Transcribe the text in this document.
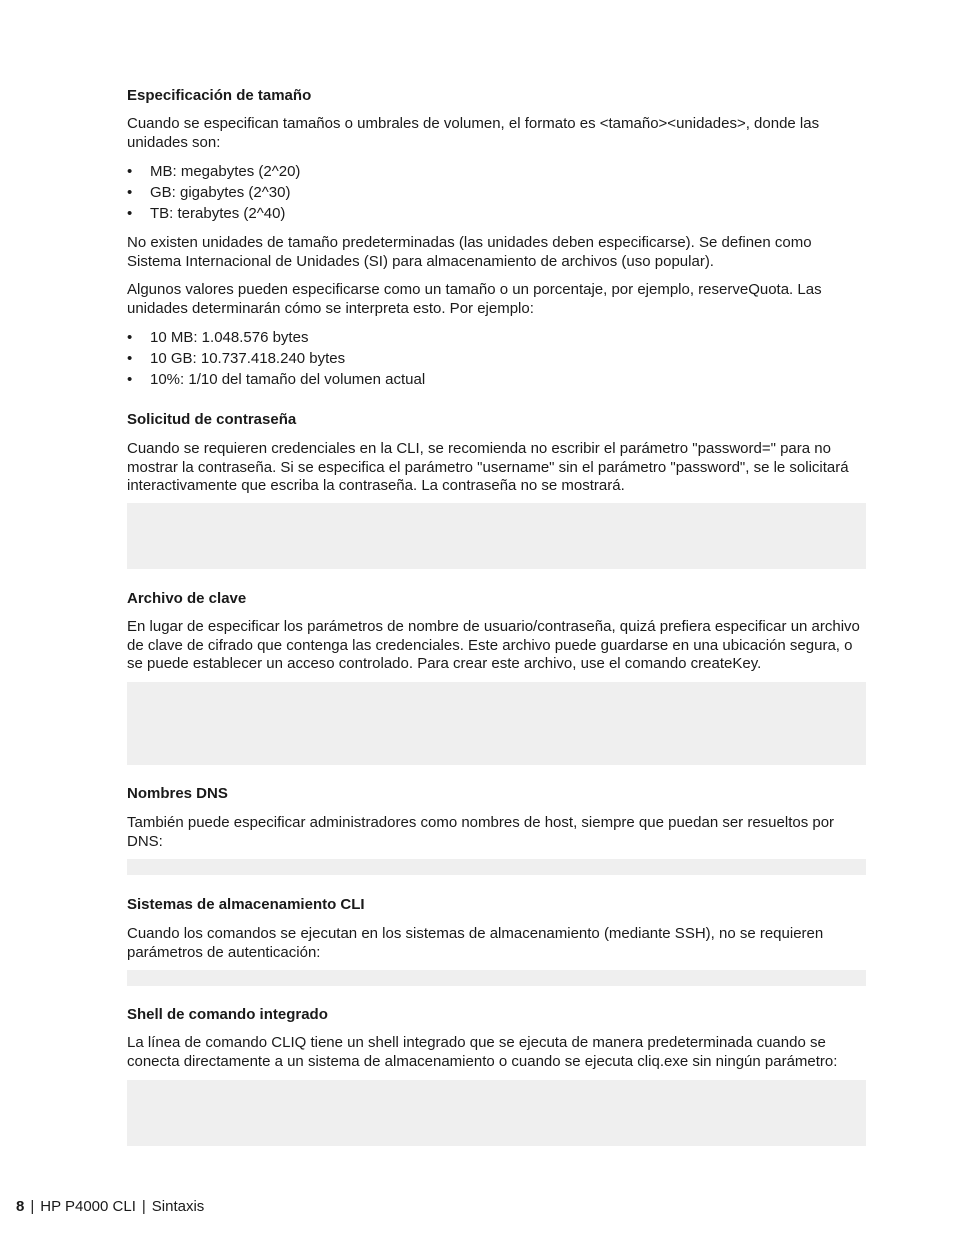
Especificación de tamaño

Cuando se especifican tamaños o umbrales de volumen, el formato es <tamaño><unidades>, donde las unidades son:

• MB: megabytes (2^20)
• GB: gigabytes (2^30)
• TB: terabytes (2^40)

No existen unidades de tamaño predeterminadas (las unidades deben especificarse). Se definen como Sistema Internacional de Unidades (SI) para almacenamiento de archivos (uso popular).

Algunos valores pueden especificarse como un tamaño o un porcentaje, por ejemplo, reserveQuota. Las unidades determinarán cómo se interpreta esto. Por ejemplo:

• 10 MB: 1.048.576 bytes
• 10 GB: 10.737.418.240 bytes
• 10%: 1/10 del tamaño del volumen actual
Solicitud de contraseña

Cuando se requieren credenciales en la CLI, se recomienda no escribir el parámetro "password=" para no mostrar la contraseña. Si se especifica el parámetro "username" sin el parámetro "password", se le solicitará interactivamente que escriba la contraseña. La contraseña no se mostrará.

Archivo de clave

En lugar de especificar los parámetros de nombre de usuario/contraseña, quizá prefiera especificar un archivo de clave de cifrado que contenga las credenciales. Este archivo puede guardarse en una ubicación segura, o se puede establecer un acceso controlado. Para crear este archivo, use el comando createKey.

Nombres DNS

También puede especificar administradores como nombres de host, siempre que puedan ser resueltos por DNS:

Sistemas de almacenamiento CLI

Cuando los comandos se ejecutan en los sistemas de almacenamiento (mediante SSH), no se requieren parámetros de autenticación:

Shell de comando integrado

La línea de comando CLIQ tiene un shell integrado que se ejecuta de manera predeterminada cuando se conecta directamente a un sistema de almacenamiento o cuando se ejecuta cliq.exe sin ningún parámetro:

8 | HP P4000 CLI | Sintaxis
